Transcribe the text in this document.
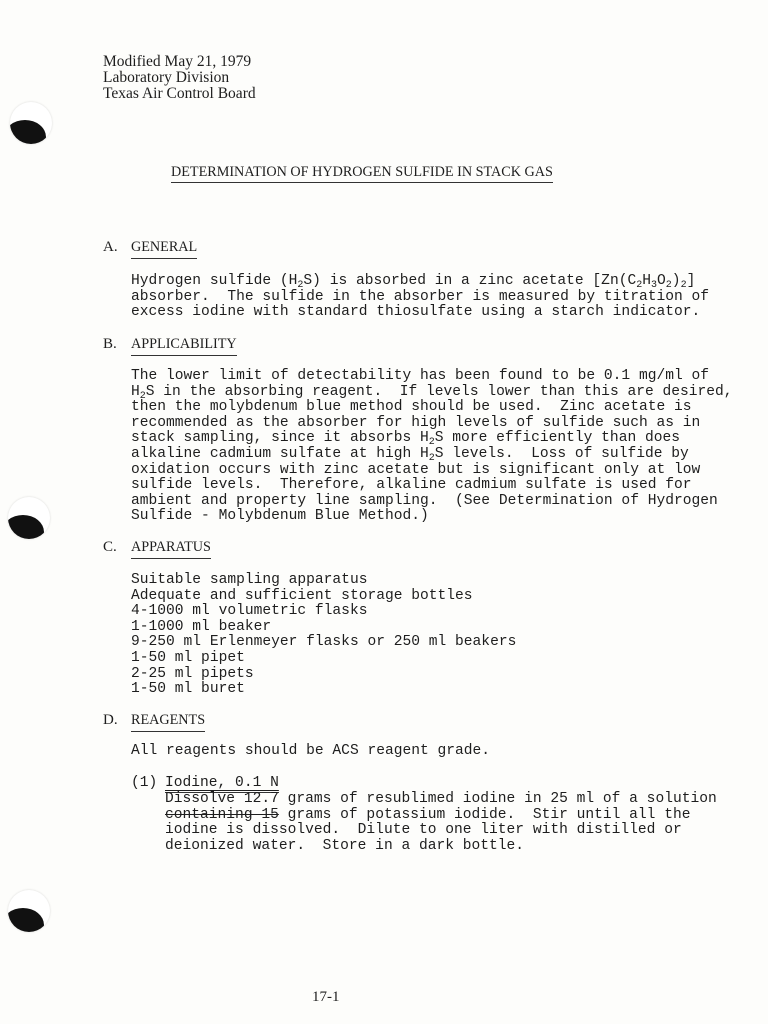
Modified May 21, 1979
Laboratory Division
Texas Air Control Board
DETERMINATION OF HYDROGEN SULFIDE IN STACK GAS
A. GENERAL
Hydrogen sulfide $(H_2S)$ is absorbed in a zinc acetate $[Zn(C_2H_3O_2)_2]$
absorber.  The sulfide in the absorber is measured by titration of
excess iodine with standard thiosulfate using a starch indicator.
B. APPLICABILITY
The lower limit of detectability has been found to be 0.1 mg/ml of
$H_2S$ in the absorbing reagent.  If levels lower than this are desired,
then the molybdenum blue method should be used.  Zinc acetate is
recommended as the absorber for high levels of sulfide such as in
stack sampling, since it absorbs $H_2S$ more efficiently than does
alkaline cadmium sulfate at high $H_2S$ levels.  Loss of sulfide by
oxidation occurs with zinc acetate but is significant only at low
sulfide levels.  Therefore, alkaline cadmium sulfate is used for
ambient and property line sampling.  (See Determination of Hydrogen
Sulfide - Molybdenum Blue Method.)
C. APPARATUS
Suitable sampling apparatus
Adequate and sufficient storage bottles
4-1000 ml volumetric flasks
1-1000 ml beaker
9-250 ml Erlenmeyer flasks or 250 ml beakers
1-50 ml pipet
2-25 ml pipets
1-50 ml buret
D. REAGENTS
All reagents should be ACS reagent grade.
(1) Iodine, 0.1 N
Dissolve 12.7 grams of resublimed iodine in 25 ml of a solution
containing 15 grams of potassium iodide.  Stir until all the
iodine is dissolved.  Dilute to one liter with distilled or
deionized water.  Store in a dark bottle.
17-1
